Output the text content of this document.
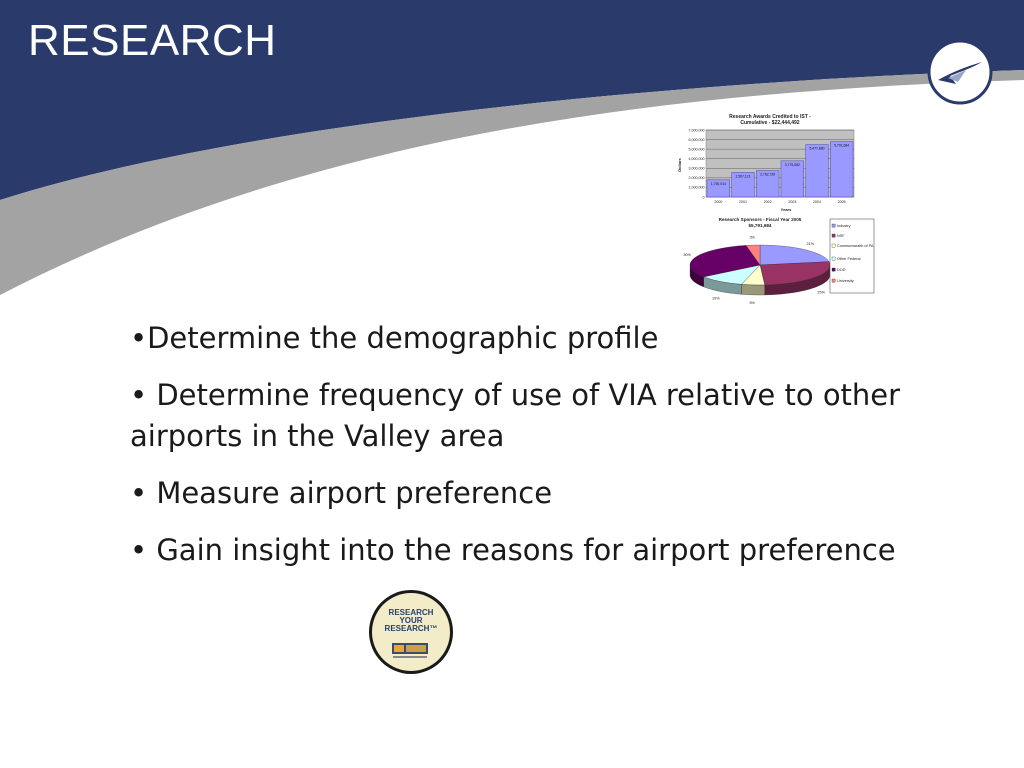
RESEARCH
Research Awards Credited to IST -
Cumulative - $22,444,492
0
1,000,000
2,000,000
3,000,000
4,000,000
5,000,000
6,000,000
7,000,000
1,790,014
2000
2,567,121
2001
2,762,739
2002
3,775,082
2003
5,477,880
2004
5,791,684
2005
Dollars
Years
Research Sponsors - Fiscal Year 2005
$5,791,684
21%
25%
5%
10%
30%
3%
Industry
NSF
Commonwealth of PA
Other Federal
DOD
University
•Determine the demographic profile
• Determine frequency of use of VIA relative to other airports in the Valley area
• Measure airport preference
• Gain insight into the reasons for airport preference
RESEARCH
YOUR
RESEARCH™
